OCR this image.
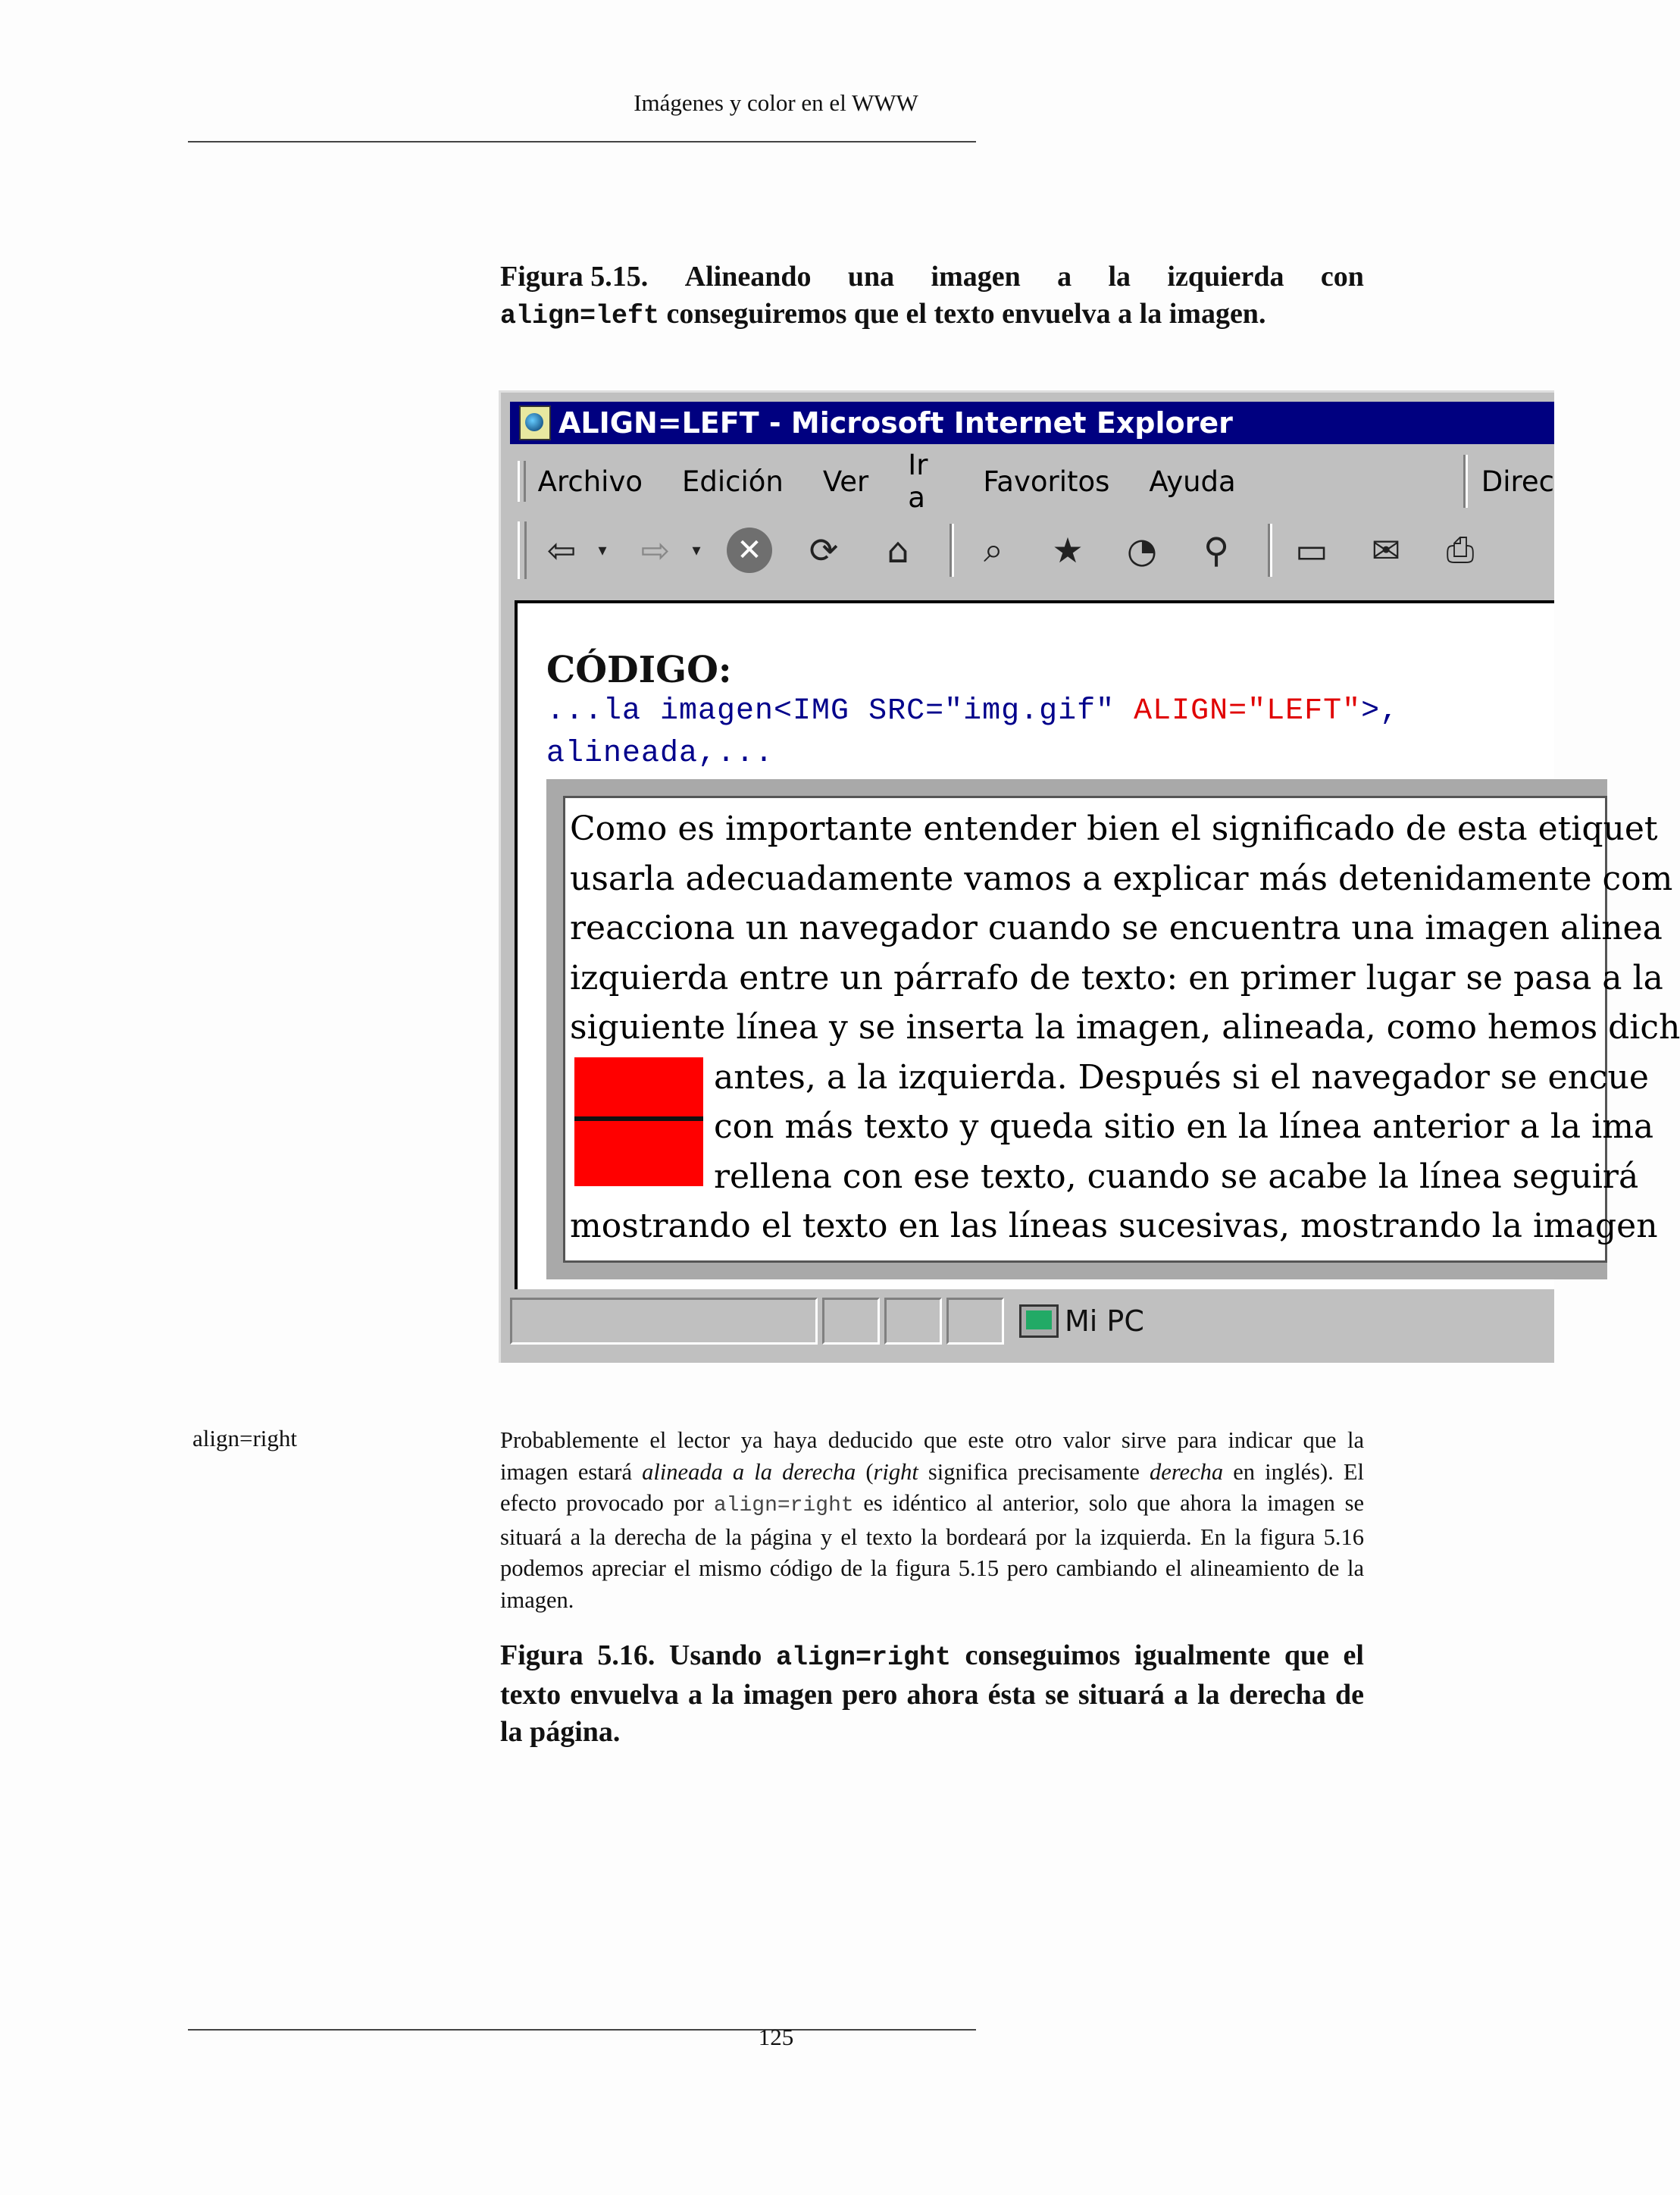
Imágenes y color en el WWW
Figura 5.15. Alineando una imagen a la izquierda con
align=left conseguiremos que el texto envuelva a la imagen.
ALIGN=LEFT - Microsoft Internet Explorer
Archivo Edición Ver Ir a	Favoritos Ayuda	Direc
⇦	▾ ⇨	▾	✕ ⟳	⌂	⌕	★ ◔ ⚲ ▭ ✉ ⎙
CÓDIGO:
...la imagen<IMG SRC="img.gif" ALIGN="LEFT">,
alineada,...
Como es importante entender bien el significado de esta etiquet
usarla adecuadamente vamos a explicar más detenidamente com
reacciona un navegador cuando se encuentra una imagen alinea
izquierda entre un párrafo de texto: en primer lugar se pasa a la
siguiente línea y se inserta la imagen, alineada, como hemos dich
antes, a la izquierda. Después si el navegador se encue
con más texto y queda sitio en la línea anterior a la ima
rellena con ese texto, cuando se acabe la línea seguirá
mostrando el texto en las líneas sucesivas, mostrando la imagen
Mi PC
align=right	Probablemente el lector ya haya deducido que este otro valor sirve para indicar que la imagen estará alineada a la derecha (right significa precisamente derecha en inglés). El efecto provocado por align=right es idéntico al anterior, solo que ahora la imagen se situará a la derecha de la página y el texto la bordeará por la izquierda. En la figura 5.16 podemos apreciar el mismo código de la figura 5.15 pero cambiando el alineamiento de la imagen.
Figura 5.16. Usando align=right conseguimos igualmente que el texto envuelva a la imagen pero ahora ésta se situará a la derecha de la página.
125
